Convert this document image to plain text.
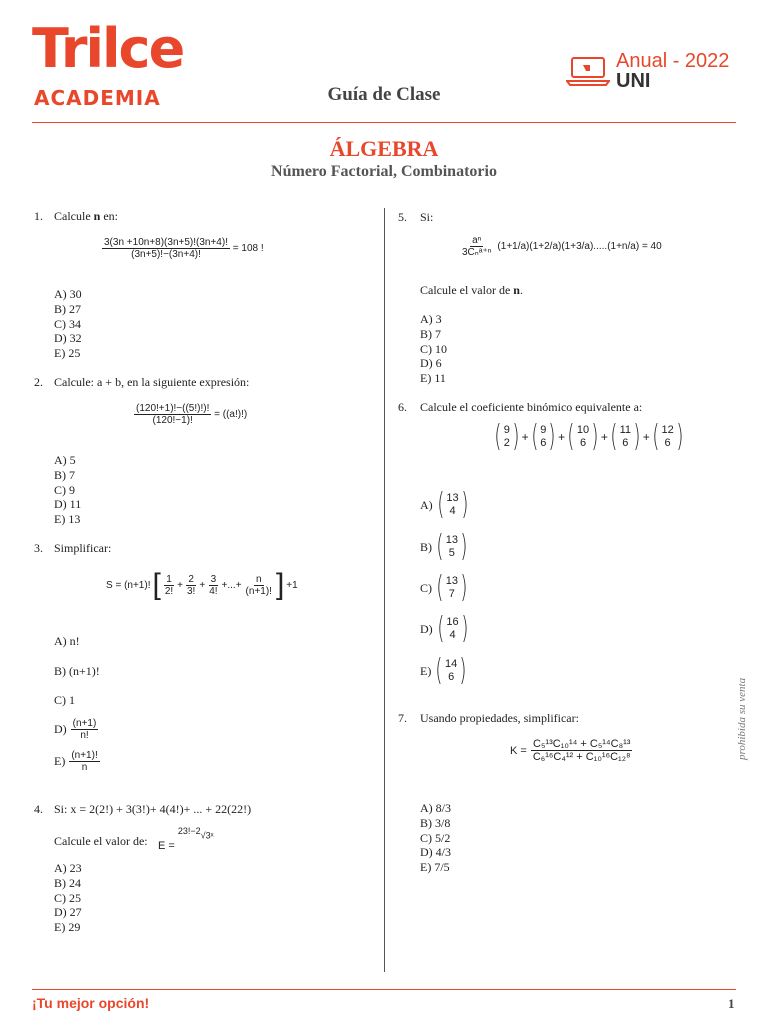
Trilce
ACADEMIA	Guía de Clase
Anual - 2022
UNI
ÁLGEBRA
Número Factorial, Combinatorio
1. Calcule n en:
$\frac{3(3n +10n+8)(3n+5)!(3n+4)!}{(3n+5)!-(3n+4)!} = 108$ !
A) 30
B) 27
C) 34
D) 32
E) 25
2. Calcule: a + b, en la siguiente expresión:
$\frac{(120!+1)!-((5!)!)!}{(120!-1)!} = ((a!)!)$
A) 5
B) 7
C) 9
D) 11
E) 13
3. Simplificar:
S = (n+1)! [ $\frac{1}{2!} + \frac{2}{3!} + \frac{3}{4!}$ +...+ $\frac{n}{(n+1)!}$ ] +1
A) n!
B) (n+1)!
C) 1
$D) \frac{(n+1)}{n!}$
$E) \frac{(n+1)!}{n}$
4. Si: x = 2(2!) + 3(3!)+ 4(4!)+ ... + 22(22!)
Calcule el valor de: E = $^{23!-2}$√3ˣ
A) 23
B) 24
C) 25
D) 27
E) 29
5. Si:
$\frac{\text{aⁿ}}{\text{3Cₙᵃ⁺ⁿ}} (1+1/a)(1+2/a)(1+3/a).....(1+n/a) = 40$
Calcule el valor de n.
A) 3
B) 7
C) 10
D) 6
E) 11
6. Calcule el coeficiente binómico equivalente a:
( 9
2 ) + ( 9
6 ) + ( 10
6 ) + ( 11
6 ) + ( 12
6 )
A) ( 13
4 )
B) ( 13
5 )
C) ( 13
7 )
D) ( 16
4 )
E) ( 14
6 )
7. Usando propiedades, simplificar:
$K = \frac{\text{C₅¹³C₁₀¹⁴ + C₅¹⁴C₈¹³}}{\text{C₆¹⁶C₄¹² + C₁₀¹⁶C₁₂⁸}}$
A) 8/3
B) 3/8
C) 5/2
D) 4/3
E) 7/5
prohibida su venta
¡Tu mejor opción!	1
